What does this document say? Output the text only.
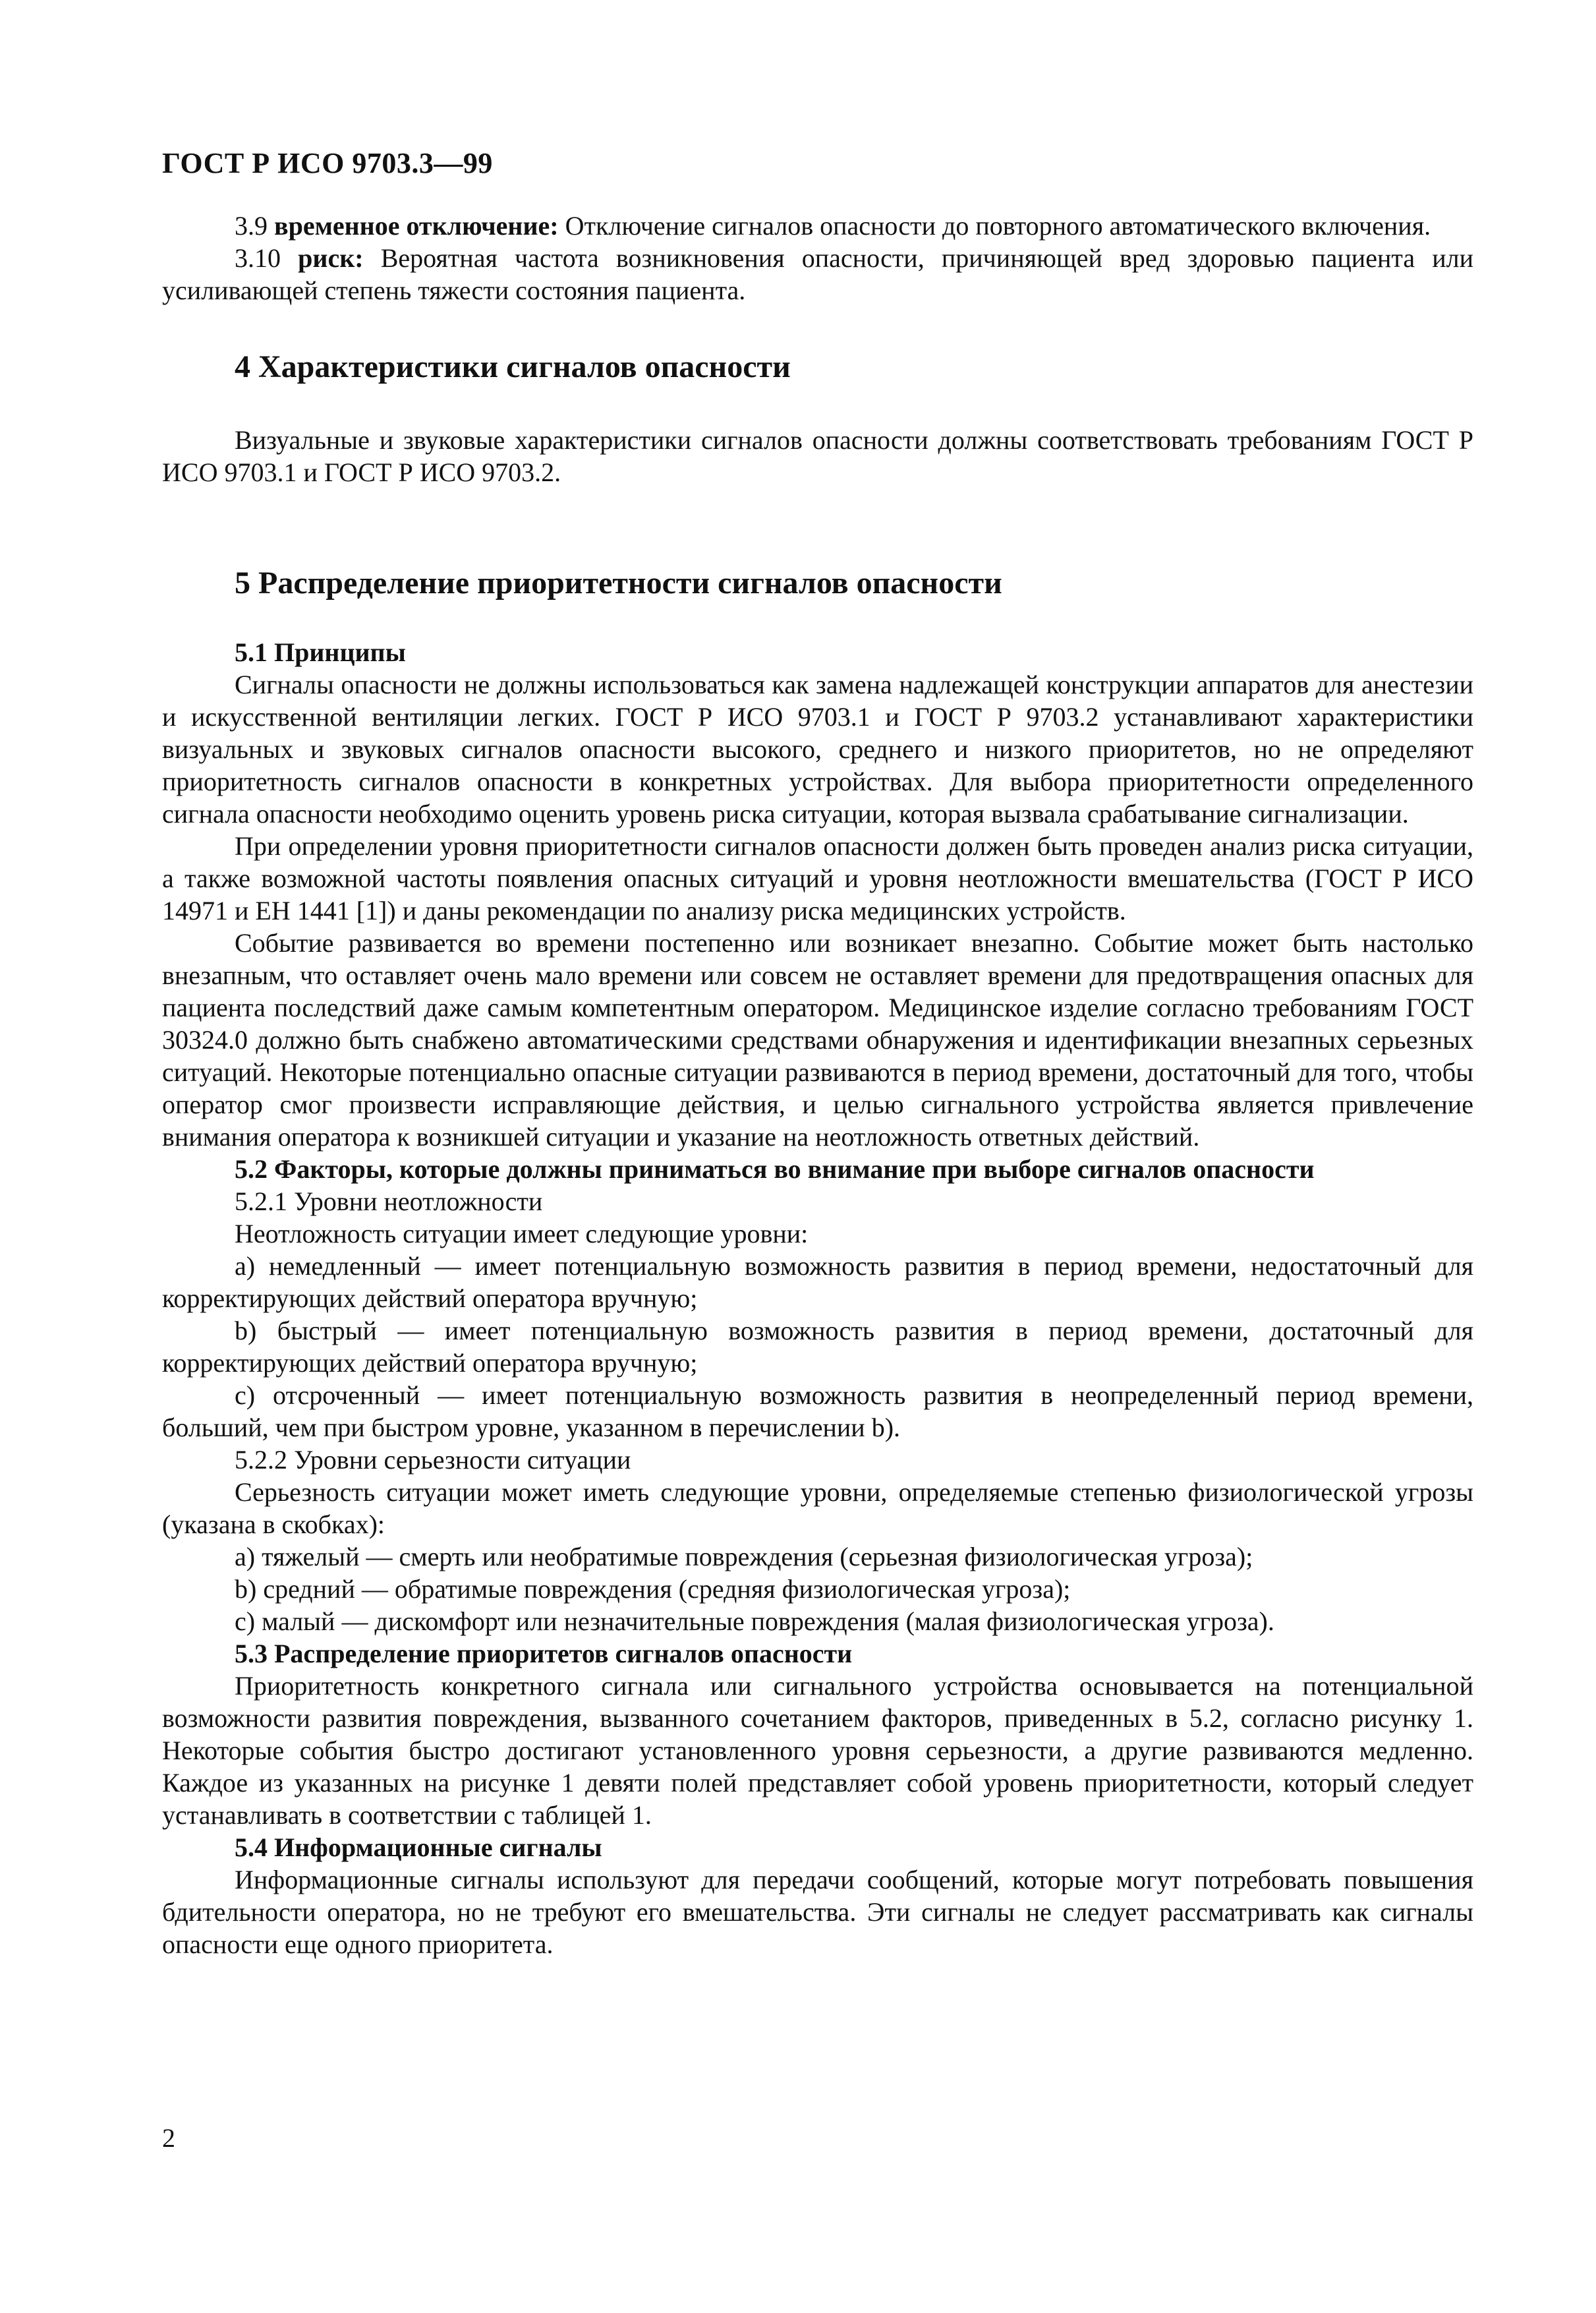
ГОСТ Р ИСО 9703.3—99

3.9 временное отключение: Отключение сигналов опасности до повторного автоматического включения.

3.10 риск: Вероятная частота возникновения опасности, причиняющей вред здоровью пациента или усиливающей степень тяжести состояния пациента.

4 Характеристики сигналов опасности

Визуальные и звуковые характеристики сигналов опасности должны соответствовать требованиям ГОСТ Р ИСО 9703.1 и ГОСТ Р ИСО 9703.2.

5 Распределение приоритетности сигналов опасности

5.1 Принципы

Сигналы опасности не должны использоваться как замена надлежащей конструкции аппаратов для анестезии и искусственной вентиляции легких. ГОСТ Р ИСО 9703.1 и ГОСТ Р 9703.2 устанавливают характеристики визуальных и звуковых сигналов опасности высокого, среднего и низкого приоритетов, но не определяют приоритетность сигналов опасности в конкретных устройствах. Для выбора приоритетности определенного сигнала опасности необходимо оценить уровень риска ситуации, которая вызвала срабатывание сигнализации.

При определении уровня приоритетности сигналов опасности должен быть проведен анализ риска ситуации, а также возможной частоты появления опасных ситуаций и уровня неотложности вмешательства (ГОСТ Р ИСО 14971 и ЕН 1441 [1]) и даны рекомендации по анализу риска медицинских устройств.

Событие развивается во времени постепенно или возникает внезапно. Событие может быть настолько внезапным, что оставляет очень мало времени или совсем не оставляет времени для предотвращения опасных для пациента последствий даже самым компетентным оператором. Медицинское изделие согласно требованиям ГОСТ 30324.0 должно быть снабжено автоматическими средствами обнаружения и идентификации внезапных серьезных ситуаций. Некоторые потенциально опасные ситуации развиваются в период времени, достаточный для того, чтобы оператор смог произвести исправляющие действия, и целью сигнального устройства является привлечение внимания оператора к возникшей ситуации и указание на неотложность ответных действий.

5.2 Факторы, которые должны приниматься во внимание при выборе сигналов опасности

5.2.1 Уровни неотложности

Неотложность ситуации имеет следующие уровни:

а) немедленный — имеет потенциальную возможность развития в период времени, недостаточный для корректирующих действий оператора вручную;

b) быстрый — имеет потенциальную возможность развития в период времени, достаточный для корректирующих действий оператора вручную;

c) отсроченный — имеет потенциальную возможность развития в неопределенный период времени, больший, чем при быстром уровне, указанном в перечислении b).

5.2.2 Уровни серьезности ситуации

Серьезность ситуации может иметь следующие уровни, определяемые степенью физиологической угрозы (указана в скобках):

а) тяжелый — смерть или необратимые повреждения (серьезная физиологическая угроза);

b) средний — обратимые повреждения (средняя физиологическая угроза);

c) малый — дискомфорт или незначительные повреждения (малая физиологическая угроза).

5.3 Распределение приоритетов сигналов опасности

Приоритетность конкретного сигнала или сигнального устройства основывается на потенциальной возможности развития повреждения, вызванного сочетанием факторов, приведенных в 5.2, согласно рисунку 1. Некоторые события быстро достигают установленного уровня серьезности, а другие развиваются медленно. Каждое из указанных на рисунке 1 девяти полей представляет собой уровень приоритетности, который следует устанавливать в соответствии с таблицей 1.

5.4 Информационные сигналы

Информационные сигналы используют для передачи сообщений, которые могут потребовать повышения бдительности оператора, но не требуют его вмешательства. Эти сигналы не следует рассматривать как сигналы опасности еще одного приоритета.

2
